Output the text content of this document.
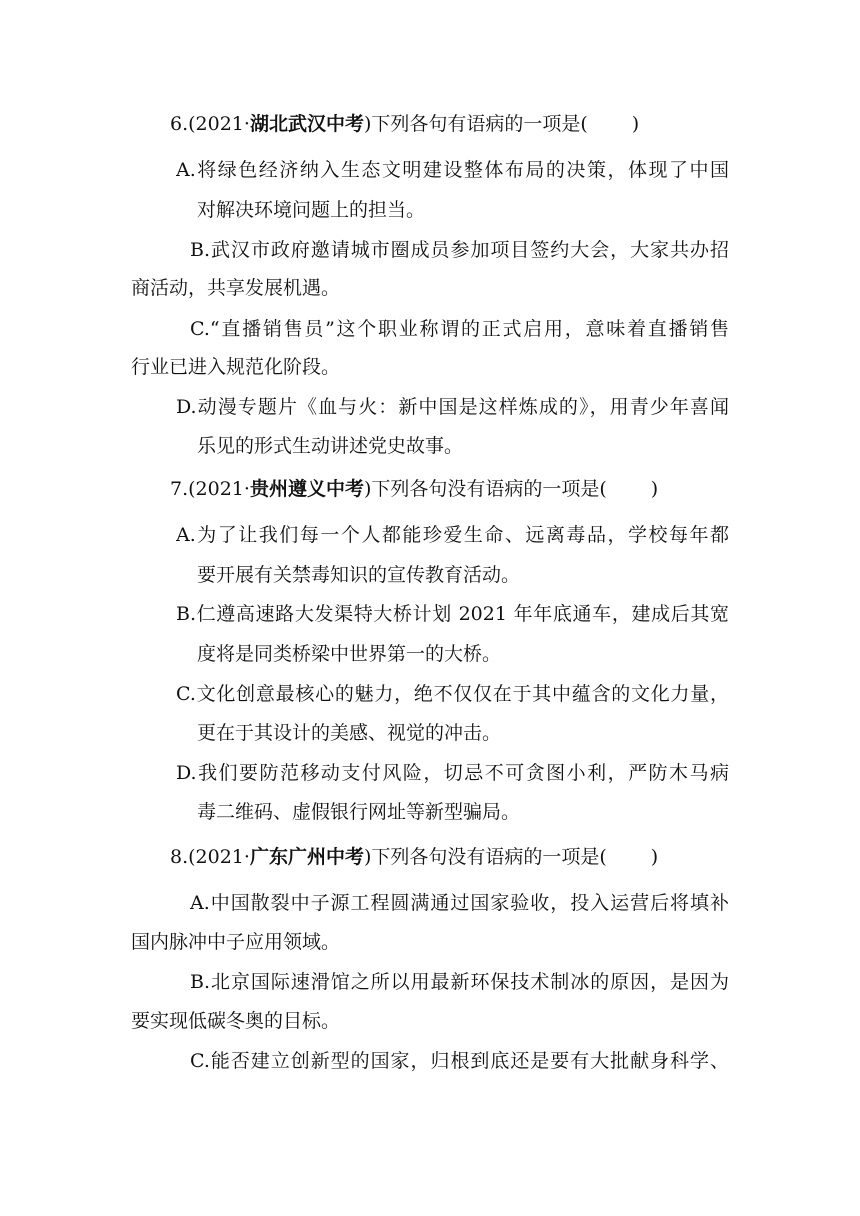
6.(2021·湖北武汉中考)下列各句有语病的一项是( )
A.将绿色经济纳入生态文明建设整体布局的决策，体现了中国
对解决环境问题上的担当。
B.武汉市政府邀请城市圈成员参加项目签约大会，大家共办招
商活动，共享发展机遇。
C.“直播销售员”这个职业称谓的正式启用，意味着直播销售
行业已进入规范化阶段。
D.动漫专题片《血与火：新中国是这样炼成的》，用青少年喜闻
乐见的形式生动讲述党史故事。
7.(2021·贵州遵义中考)下列各句没有语病的一项是( )
A.为了让我们每一个人都能珍爱生命、远离毒品，学校每年都
要开展有关禁毒知识的宣传教育活动。
B.仁遵高速路大发渠特大桥计划 2021 年年底通车，建成后其宽
度将是同类桥梁中世界第一的大桥。
C.文化创意最核心的魅力，绝不仅仅在于其中蕴含的文化力量，
更在于其设计的美感、视觉的冲击。
D.我们要防范移动支付风险，切忌不可贪图小利，严防木马病
毒二维码、虚假银行网址等新型骗局。
8.(2021·广东广州中考)下列各句没有语病的一项是( )
A.中国散裂中子源工程圆满通过国家验收，投入运营后将填补
国内脉冲中子应用领域。
B.北京国际速滑馆之所以用最新环保技术制冰的原因，是因为
要实现低碳冬奥的目标。
C.能否建立创新型的国家，归根到底还是要有大批献身科学、
